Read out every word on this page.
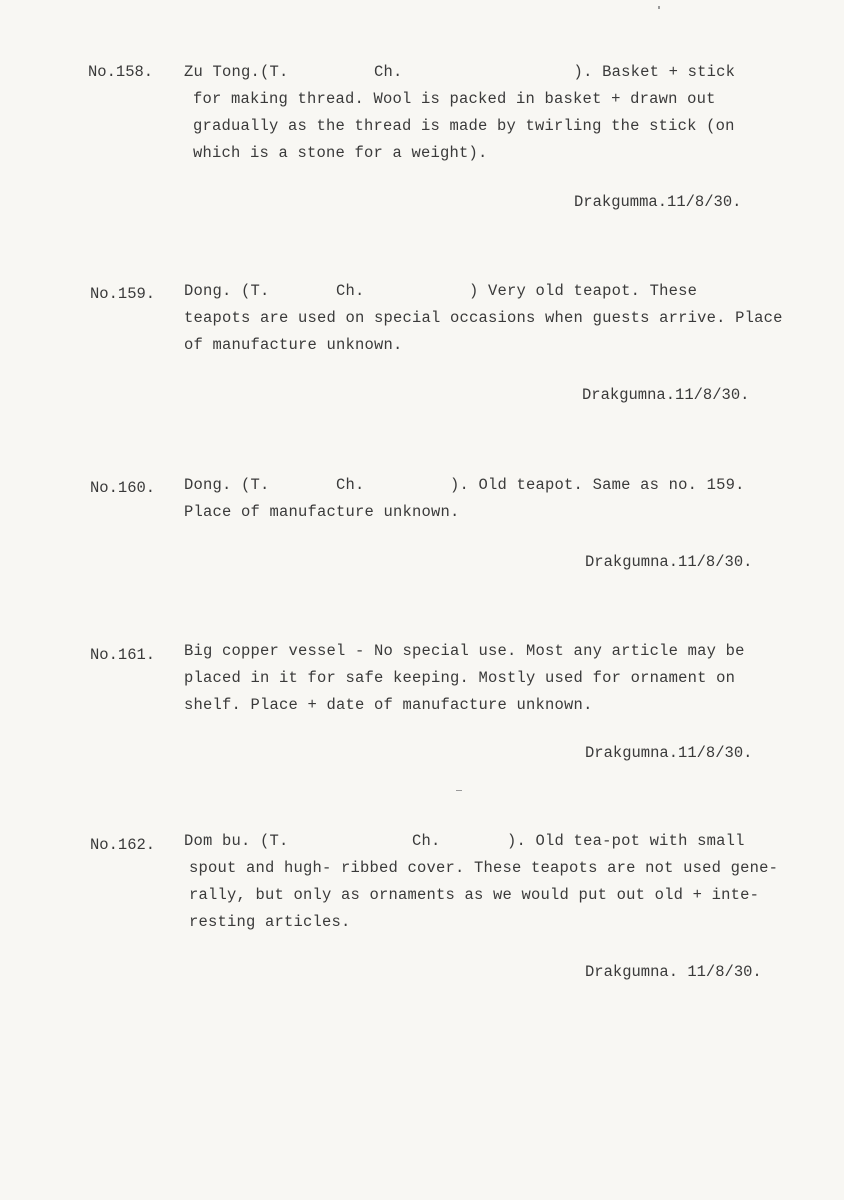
No.158. Zu Tong.(T.         Ch.                  ). Basket + stick
for making thread. Wool is packed in basket + drawn out
gradually as the thread is made by twirling the stick (on
which is a stone for a weight).
Drakgumma.11/8/30.
No.159. Dong. (T.       Ch.           ) Very old teapot. These
teapots are used on special occasions when guests arrive. Place
of manufacture unknown.
Drakgumna.11/8/30.
No.160. Dong. (T.       Ch.         ). Old teapot. Same as no. 159.
Place of manufacture unknown.
Drakgumna.11/8/30.
No.161. Big copper vessel - No special use. Most any article may be
placed in it for safe keeping. Mostly used for ornament on
shelf. Place + date of manufacture unknown.
Drakgumna.11/8/30.
No.162. Dom bu. (T.             Ch.       ). Old tea-pot with small
spout and hugh- ribbed cover. These teapots are not used gene-
rally, but only as ornaments as we would put out old + inte-
resting articles.
Drakgumna. 11/8/30.
